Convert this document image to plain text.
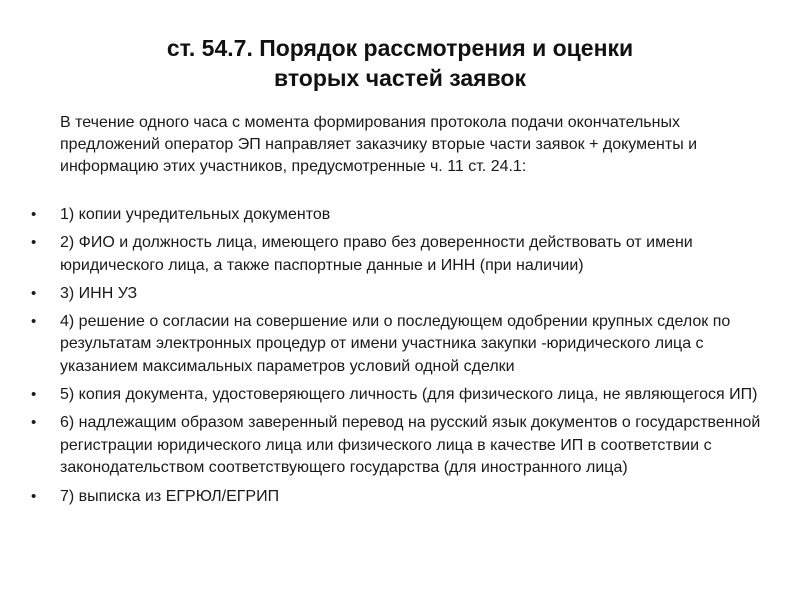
ст. 54.7. Порядок рассмотрения и оценки
вторых частей заявок

В течение одного часа с момента формирования протокола подачи окончательных предложений оператор ЭП направляет заказчику вторые части заявок + документы и информацию этих участников, предусмотренные ч. 11 ст. 24.1:

• 1) копии учредительных документов
• 2) ФИО и должность лица, имеющего право без доверенности действовать от имени юридического лица, а также паспортные данные и ИНН (при наличии)
• 3) ИНН УЗ
• 4) решение о согласии на совершение или о последующем одобрении крупных сделок по результатам электронных процедур от имени участника закупки -юридического лица с указанием максимальных параметров условий одной сделки
• 5) копия документа, удостоверяющего личность (для физического лица, не являющегося ИП)
• 6) надлежащим образом заверенный перевод на русский язык документов о государственной регистрации юридического лица или физического лица в качестве ИП в соответствии с законодательством соответствующего государства (для иностранного лица)
• 7) выписка из ЕГРЮЛ/ЕГРИП
